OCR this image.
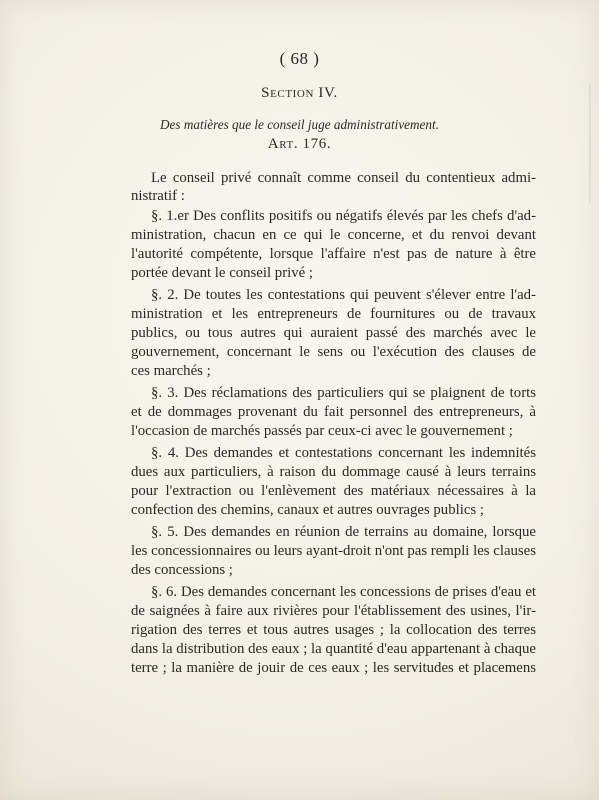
( 68 )
Section IV.
Des matières que le conseil juge administrativement.
Art. 176.
Le conseil privé connaît comme conseil du contentieux admi-
nistratif :
§. 1.er Des conflits positifs ou négatifs élevés par les chefs d'ad-
ministration, chacun en ce qui le concerne, et du renvoi devant
l'autorité compétente, lorsque l'affaire n'est pas de nature à être
portée devant le conseil privé ;
§. 2. De toutes les contestations qui peuvent s'élever entre l'ad-
ministration et les entrepreneurs de fournitures ou de travaux
publics, ou tous autres qui auraient passé des marchés avec le
gouvernement, concernant le sens ou l'exécution des clauses de
ces marchés ;
§. 3. Des réclamations des particuliers qui se plaignent de torts
et de dommages provenant du fait personnel des entrepreneurs, à
l'occasion de marchés passés par ceux-ci avec le gouvernement ;
§. 4. Des demandes et contestations concernant les indemnités
dues aux particuliers, à raison du dommage causé à leurs terrains
pour l'extraction ou l'enlèvement des matériaux nécessaires à la
confection des chemins, canaux et autres ouvrages publics ;
§. 5. Des demandes en réunion de terrains au domaine, lorsque
les concessionnaires ou leurs ayant-droit n'ont pas rempli les clauses
des concessions ;
§. 6. Des demandes concernant les concessions de prises d'eau et
de saignées à faire aux rivières pour l'établissement des usines, l'ir-
rigation des terres et tous autres usages ; la collocation des terres
dans la distribution des eaux ; la quantité d'eau appartenant à chaque
terre ; la manière de jouir de ces eaux ; les servitudes et placemens
